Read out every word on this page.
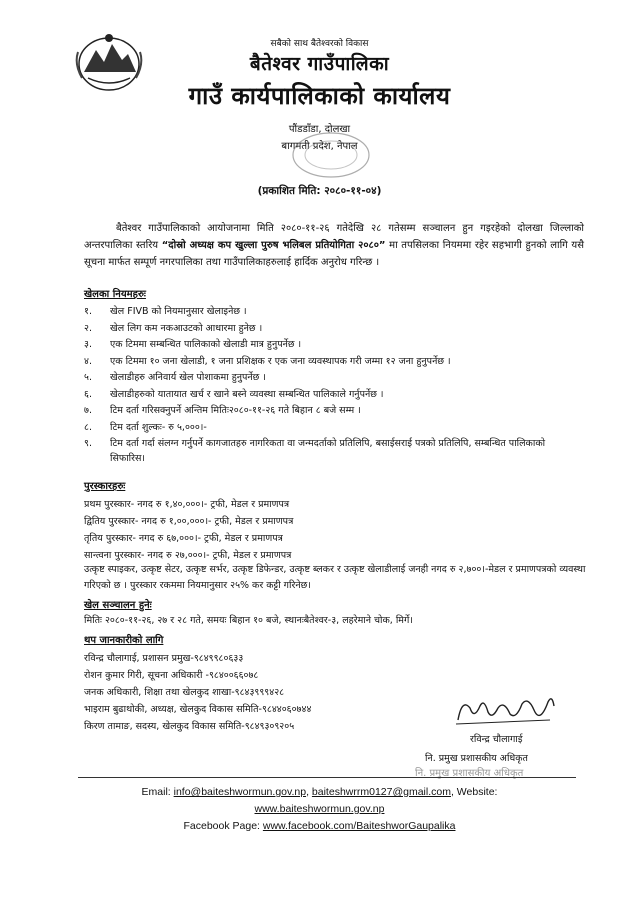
सबैको साथ बैतेश्वरको विकास
बैतेश्वर गाउँपालिका
गाउँ कार्यपालिकाको कार्यालय
पौंडडाँडा, दोलखा
बागमती प्रदेश, नेपाल
(प्रकाशित मिति: २०८०-११-०४)
बैतेश्वर गाउँपालिकाको आयोजनामा मिति २०८०-११-२६ गतेदेखि २८ गतेसम्म सञ्चालन हुन गइरहेको दोलखा जिल्लाको अन्तरपालिका स्तरिय “दोस्रो अध्यक्ष कप खुल्ला पुरुष भलिबल प्रतियोगिता २०८०” मा तपसिलका नियममा रहेर सहभागी हुनको लागि यसै सूचना मार्फत सम्पूर्ण नगरपालिका तथा गाउँपालिकाहरुलाई हार्दिक अनुरोध गरिन्छ ।
खेलका नियमहरुः
१.	खेल FIVB को नियमानुसार खेलाइनेछ ।
२.	खेल लिग कम नकआउटको आधारमा हुनेछ ।
३.	एक टिममा सम्बन्धित पालिकाको खेलाडी मात्र हुनुपर्नेछ ।
४.	एक टिममा १० जना खेलाडी, १ जना प्रशिक्षक र एक जना व्यवस्थापक गरी जम्मा १२ जना हुनुपर्नेछ ।
५.	खेलाडीहरु अनिवार्य खेल पोशाकमा हुनुपर्नेछ ।
६.	खेलाडीहरुको यातायात खर्च र खाने बस्ने व्यवस्था सम्बन्धित पालिकाले गर्नुपर्नेछ ।
७.	टिम दर्ता गरिसक्नुपर्ने अन्तिम मितिः२०८०-११-२६ गते बिहान ८ बजे सम्म ।
८.	टिम दर्ता शुल्कः- रु ५,०००।-
९.	टिम दर्ता गर्दा संलग्न गर्नुपर्ने कागजातहरु नागरिकता वा जन्मदर्ताको प्रतिलिपि, बसाईसराई पत्रको प्रतिलिपि, सम्बन्धित पालिकाको सिफारिस।
पुरस्कारहरुः
प्रथम पुरस्कार- नगद रु १,४०,०००।- ट्रफी, मेडल र प्रमाणपत्र
द्वितिय पुरस्कार- नगद रु १,००,०००।- ट्रफी, मेडल र प्रमाणपत्र
तृतिय पुरस्कार- नगद रु ६७,०००।- ट्रफी, मेडल र प्रमाणपत्र
सान्त्वना पुरस्कार- नगद रु २७,०००।- ट्रफी, मेडल र प्रमाणपत्र
उत्कृष्ट स्पाइकर, उत्कृष्ट सेटर, उत्कृष्ट सर्भर, उत्कृष्ट डिफेन्डर, उत्कृष्ट ब्लकर र उत्कृष्ट खेलाडीलाई जनही नगद रु २,७००।-मेडल र प्रमाणपत्रको व्यवस्था गरिएको छ । पुरस्कार रकममा नियमानुसार २५% कर कट्टी गरिनेछ।
खेल सञ्चालन हुनेः
मितिः २०८०-११-२६, २७ र २८ गते, समयः बिहान १० बजे, स्थानःबैतेश्वर-३, लहरेमाने चोक, मिर्गे।
थप जानकारीको लागि
रविन्द्र चौलागाई, प्रशासन प्रमुख-९८४९९८०६३३
रोशन कुमार गिरी, सूचना अधिकारी -९८४००६६०७८
जनक अधिकारी, शिक्षा तथा खेलकुद शाखा-९८४३९९९४२८
भाइराम बुढाथोकी, अध्यक्ष, खेलकुद विकास समिति-९८४४०६०७४४
किरण तामाङ, सदस्य, खेलकुद विकास समिति-९८४९३०९२०५
रविन्द्र चौलागाई
नि. प्रमुख प्रशासकीय अधिकृत
नि. प्रमुख प्रशासकीय अधिकृत
Email: info@baiteshwormun.gov.np, baiteshwrrm0127@gmail.com, Website:
www.baiteshwormun.gov.np
Facebook Page: www.facebook.com/BaiteshworGaupalika
